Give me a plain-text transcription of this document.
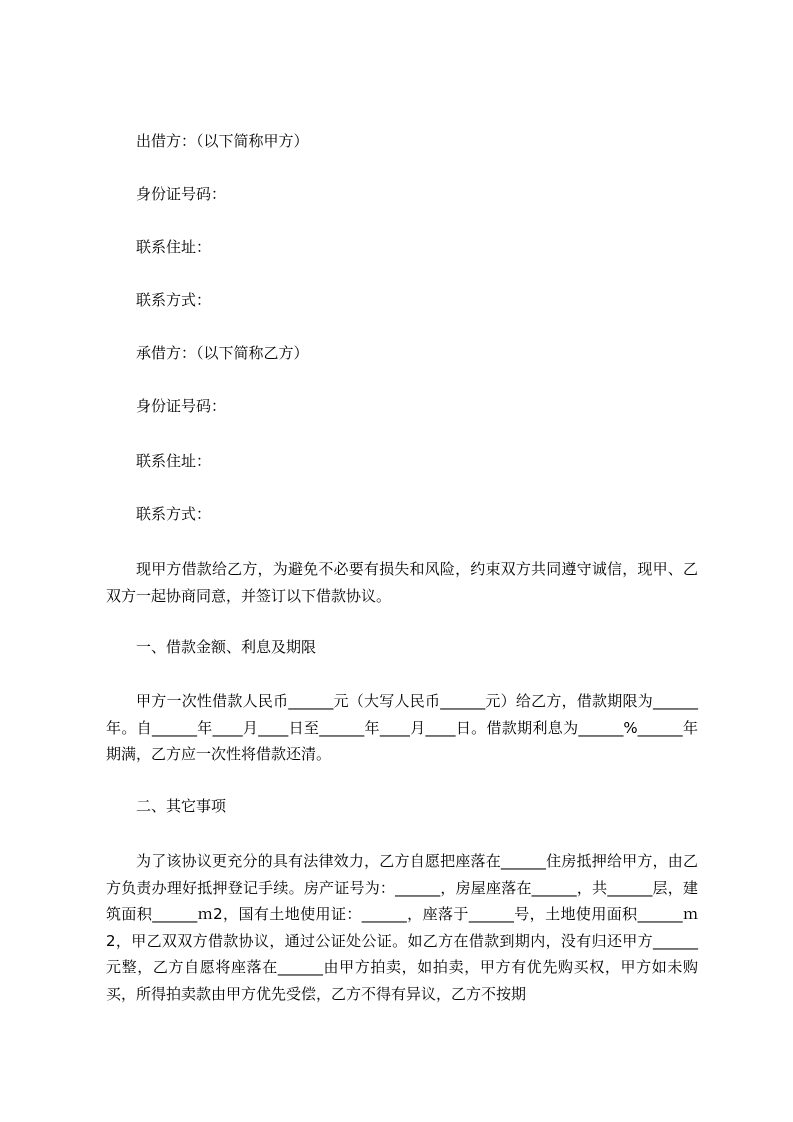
出借方：（以下简称甲方）

身份证号码：

联系住址：

联系方式：

承借方：（以下简称乙方）

身份证号码：

联系住址：

联系方式：

现甲方借款给乙方，为避免不必要有损失和风险，约束双方共同遵守诚信，现甲、乙双方一起协商同意，并签订以下借款协议。

一、借款金额、利息及期限

甲方一次性借款人民币______元（大写人民币______元）给乙方，借款期限为______年。自______年____月____日至______年____月____日。借款期利息为______%______年期满，乙方应一次性将借款还清。

二、其它事项

为了该协议更充分的具有法律效力，乙方自愿把座落在______住房抵押给甲方，由乙方负责办理好抵押登记手续。房产证号为：______，房屋座落在______，共______层，建筑面积______ｍ2，国有土地使用证：______，座落于______号，土地使用面积______ｍ2，甲乙双双方借款协议，通过公证处公证。如乙方在借款到期内，没有归还甲方______元整，乙方自愿将座落在______由甲方拍卖，如拍卖，甲方有优先购买权，甲方如未购买，所得拍卖款由甲方优先受偿，乙方不得有异议，乙方不按期
